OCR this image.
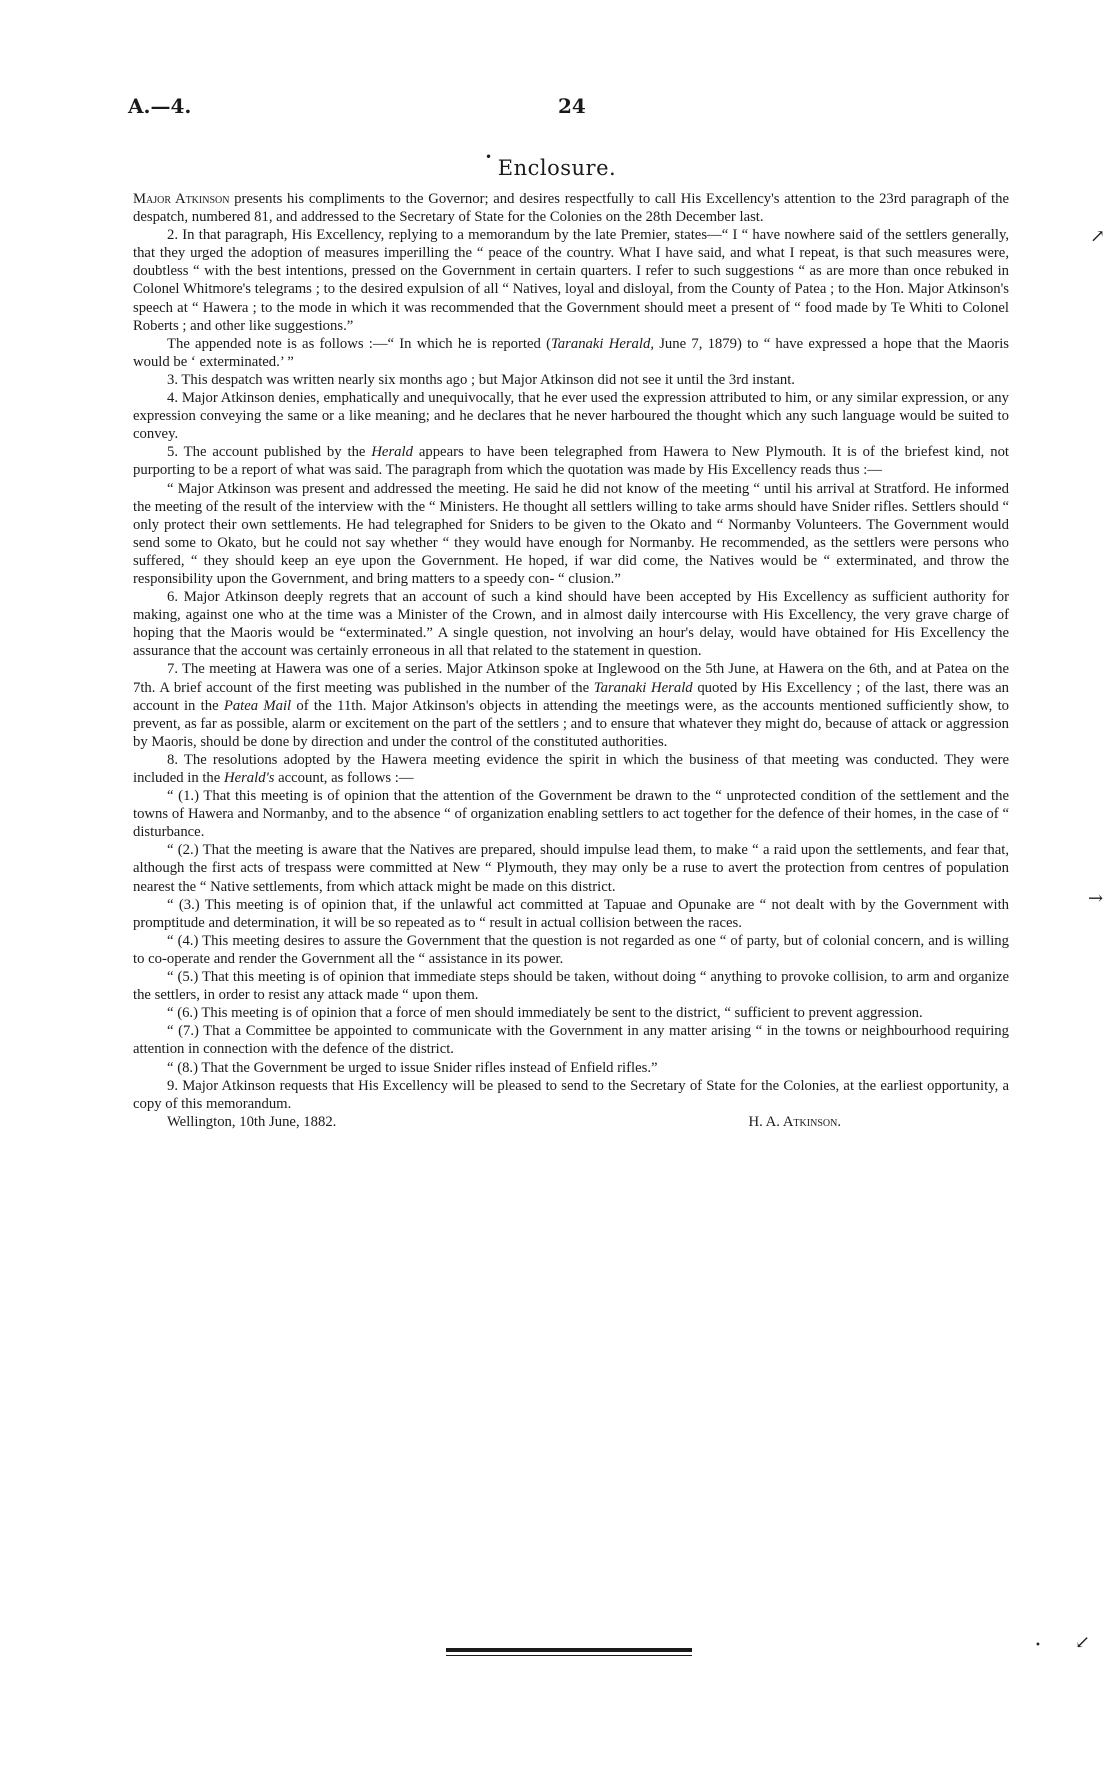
A.—4.	24
• Enclosure.

Major Atkinson presents his compliments to the Governor; and desires respectfully to call His Excellency's attention to the 23rd paragraph of the despatch, numbered 81, and addressed to the Secretary of State for the Colonies on the 28th December last.

2. In that paragraph, His Excellency, replying to a memorandum by the late Premier, states—“ I “ have nowhere said of the settlers generally, that they urged the adoption of measures imperilling the “ peace of the country. What I have said, and what I repeat, is that such measures were, doubtless “ with the best intentions, pressed on the Government in certain quarters. I refer to such suggestions “ as are more than once rebuked in Colonel Whitmore's telegrams ; to the desired expulsion of all “ Natives, loyal and disloyal, from the County of Patea ; to the Hon. Major Atkinson's speech at “ Hawera ; to the mode in which it was recommended that the Government should meet a present of “ food made by Te Whiti to Colonel Roberts ; and other like suggestions.”

The appended note is as follows :—“ In which he is reported (Taranaki Herald, June 7, 1879) to “ have expressed a hope that the Maoris would be ‘ exterminated.’ ”

3. This despatch was written nearly six months ago ; but Major Atkinson did not see it until the 3rd instant.

4. Major Atkinson denies, emphatically and unequivocally, that he ever used the expression attributed to him, or any similar expression, or any expression conveying the same or a like meaning; and he declares that he never harboured the thought which any such language would be suited to convey.

5. The account published by the Herald appears to have been telegraphed from Hawera to New Plymouth. It is of the briefest kind, not purporting to be a report of what was said. The paragraph from which the quotation was made by His Excellency reads thus :—

“ Major Atkinson was present and addressed the meeting. He said he did not know of the meeting “ until his arrival at Stratford. He informed the meeting of the result of the interview with the “ Ministers. He thought all settlers willing to take arms should have Snider rifles. Settlers should “ only protect their own settlements. He had telegraphed for Sniders to be given to the Okato and “ Normanby Volunteers. The Government would send some to Okato, but he could not say whether “ they would have enough for Normanby. He recommended, as the settlers were persons who suffered, “ they should keep an eye upon the Government. He hoped, if war did come, the Natives would be “ exterminated, and throw the responsibility upon the Government, and bring matters to a speedy con- “ clusion.”

6. Major Atkinson deeply regrets that an account of such a kind should have been accepted by His Excellency as sufficient authority for making, against one who at the time was a Minister of the Crown, and in almost daily intercourse with His Excellency, the very grave charge of hoping that the Maoris would be “exterminated.” A single question, not involving an hour's delay, would have obtained for His Excellency the assurance that the account was certainly erroneous in all that related to the statement in question.

7. The meeting at Hawera was one of a series. Major Atkinson spoke at Inglewood on the 5th June, at Hawera on the 6th, and at Patea on the 7th. A brief account of the first meeting was published in the number of the Taranaki Herald quoted by His Excellency ; of the last, there was an account in the Patea Mail of the 11th. Major Atkinson's objects in attending the meetings were, as the accounts mentioned sufficiently show, to prevent, as far as possible, alarm or excitement on the part of the settlers ; and to ensure that whatever they might do, because of attack or aggression by Maoris, should be done by direction and under the control of the constituted authorities.

8. The resolutions adopted by the Hawera meeting evidence the spirit in which the business of that meeting was conducted. They were included in the Herald's account, as follows :—

“ (1.) That this meeting is of opinion that the attention of the Government be drawn to the “ unprotected condition of the settlement and the towns of Hawera and Normanby, and to the absence “ of organization enabling settlers to act together for the defence of their homes, in the case of “ disturbance.

“ (2.) That the meeting is aware that the Natives are prepared, should impulse lead them, to make “ a raid upon the settlements, and fear that, although the first acts of trespass were committed at New “ Plymouth, they may only be a ruse to avert the protection from centres of population nearest the “ Native settlements, from which attack might be made on this district.

“ (3.) This meeting is of opinion that, if the unlawful act committed at Tapuae and Opunake are “ not dealt with by the Government with promptitude and determination, it will be so repeated as to “ result in actual collision between the races.

“ (4.) This meeting desires to assure the Government that the question is not regarded as one “ of party, but of colonial concern, and is willing to co-operate and render the Government all the “ assistance in its power.

“ (5.) That this meeting is of opinion that immediate steps should be taken, without doing “ anything to provoke collision, to arm and organize the settlers, in order to resist any attack made “ upon them.

“ (6.) This meeting is of opinion that a force of men should immediately be sent to the district, “ sufficient to prevent aggression.

“ (7.) That a Committee be appointed to communicate with the Government in any matter arising “ in the towns or neighbourhood requiring attention in connection with the defence of the district.

“ (8.) That the Government be urged to issue Snider rifles instead of Enfield rifles.”

9. Major Atkinson requests that His Excellency will be pleased to send to the Secretary of State for the Colonies, at the earliest opportunity, a copy of this memorandum.

Wellington, 10th June, 1882.	H. A. Atkinson.
↗
→
↙
•
